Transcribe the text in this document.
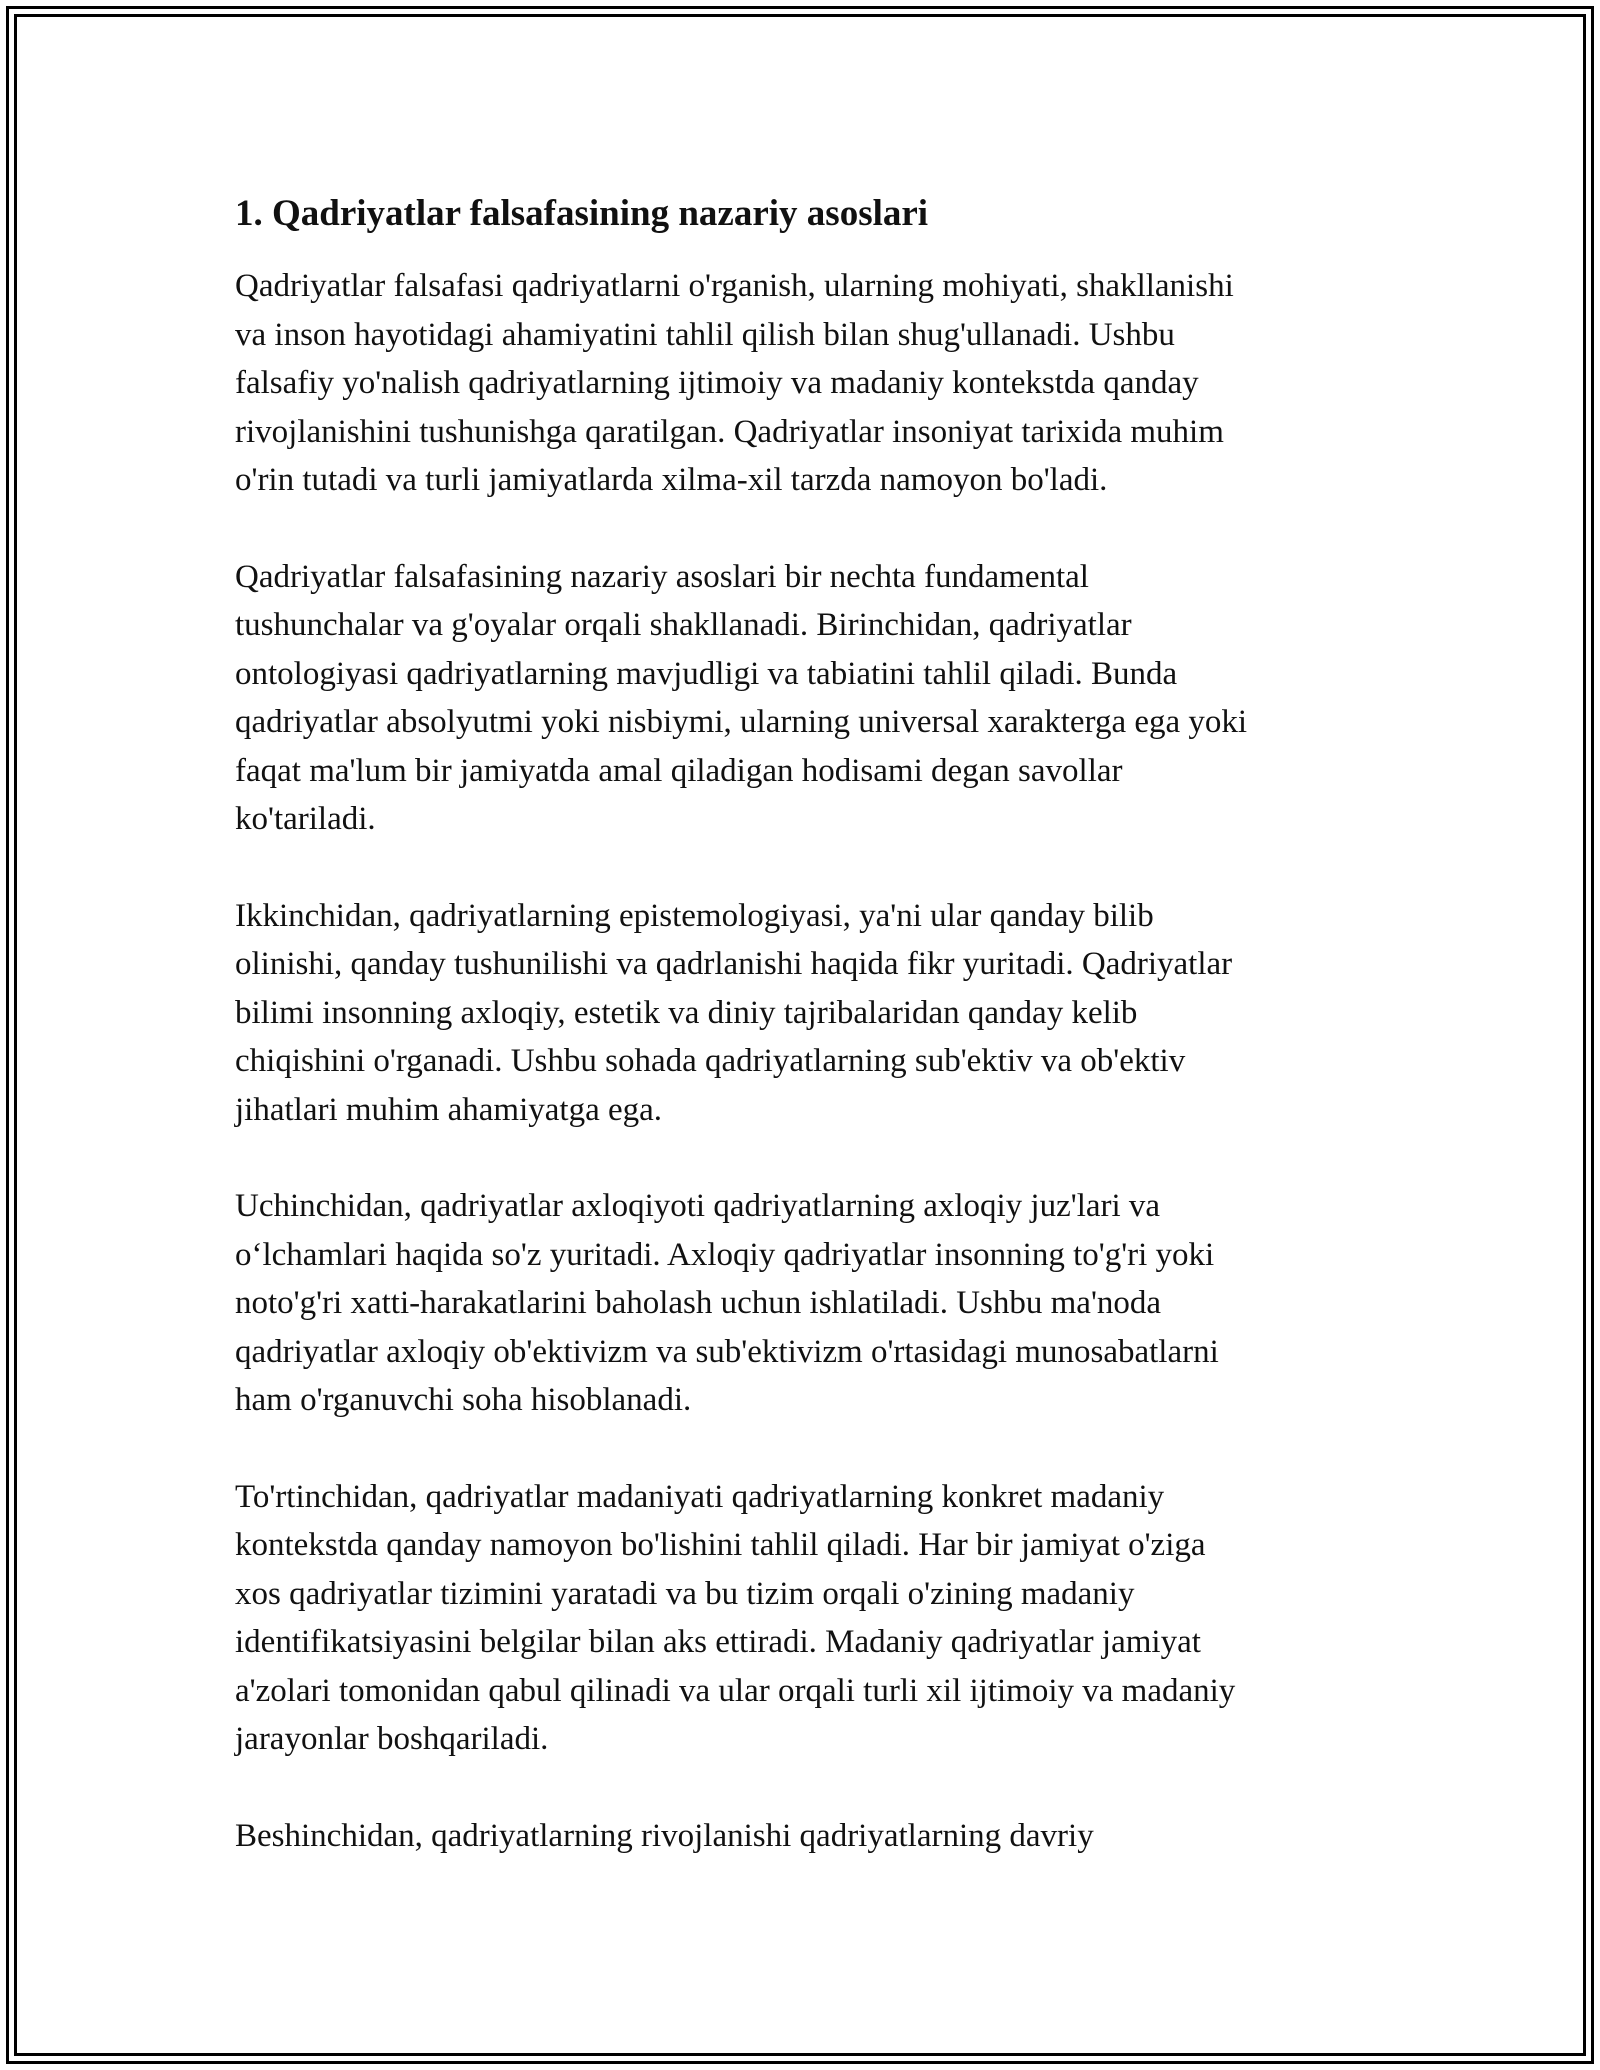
1. Qadriyatlar falsafasining nazariy asoslari

Qadriyatlar falsafasi qadriyatlarni o'rganish, ularning mohiyati, shakllanishi
va inson hayotidagi ahamiyatini tahlil qilish bilan shug'ullanadi. Ushbu
falsafiy yo'nalish qadriyatlarning ijtimoiy va madaniy kontekstda qanday
rivojlanishini tushunishga qaratilgan. Qadriyatlar insoniyat tarixida muhim
o'rin tutadi va turli jamiyatlarda xilma-xil tarzda namoyon bo'ladi.

Qadriyatlar falsafasining nazariy asoslari bir nechta fundamental
tushunchalar va g'oyalar orqali shakllanadi. Birinchidan, qadriyatlar
ontologiyasi qadriyatlarning mavjudligi va tabiatini tahlil qiladi. Bunda
qadriyatlar absolyutmi yoki nisbiymi, ularning universal xarakterga ega yoki
faqat ma'lum bir jamiyatda amal qiladigan hodisami degan savollar
ko'tariladi.

Ikkinchidan, qadriyatlarning epistemologiyasi, ya'ni ular qanday bilib
olinishi, qanday tushunilishi va qadrlanishi haqida fikr yuritadi. Qadriyatlar
bilimi insonning axloqiy, estetik va diniy tajribalaridan qanday kelib
chiqishini o'rganadi. Ushbu sohada qadriyatlarning sub'ektiv va ob'ektiv
jihatlari muhim ahamiyatga ega.

Uchinchidan, qadriyatlar axloqiyoti qadriyatlarning axloqiy juz'lari va
o‘lchamlari haqida so'z yuritadi. Axloqiy qadriyatlar insonning to'g'ri yoki
noto'g'ri xatti-harakatlarini baholash uchun ishlatiladi. Ushbu ma'noda
qadriyatlar axloqiy ob'ektivizm va sub'ektivizm o'rtasidagi munosabatlarni
ham o'rganuvchi soha hisoblanadi.

To'rtinchidan, qadriyatlar madaniyati qadriyatlarning konkret madaniy
kontekstda qanday namoyon bo'lishini tahlil qiladi. Har bir jamiyat o'ziga
xos qadriyatlar tizimini yaratadi va bu tizim orqali o'zining madaniy
identifikatsiyasini belgilar bilan aks ettiradi. Madaniy qadriyatlar jamiyat
a'zolari tomonidan qabul qilinadi va ular orqali turli xil ijtimoiy va madaniy
jarayonlar boshqariladi.

Beshinchidan, qadriyatlarning rivojlanishi qadriyatlarning davriy
